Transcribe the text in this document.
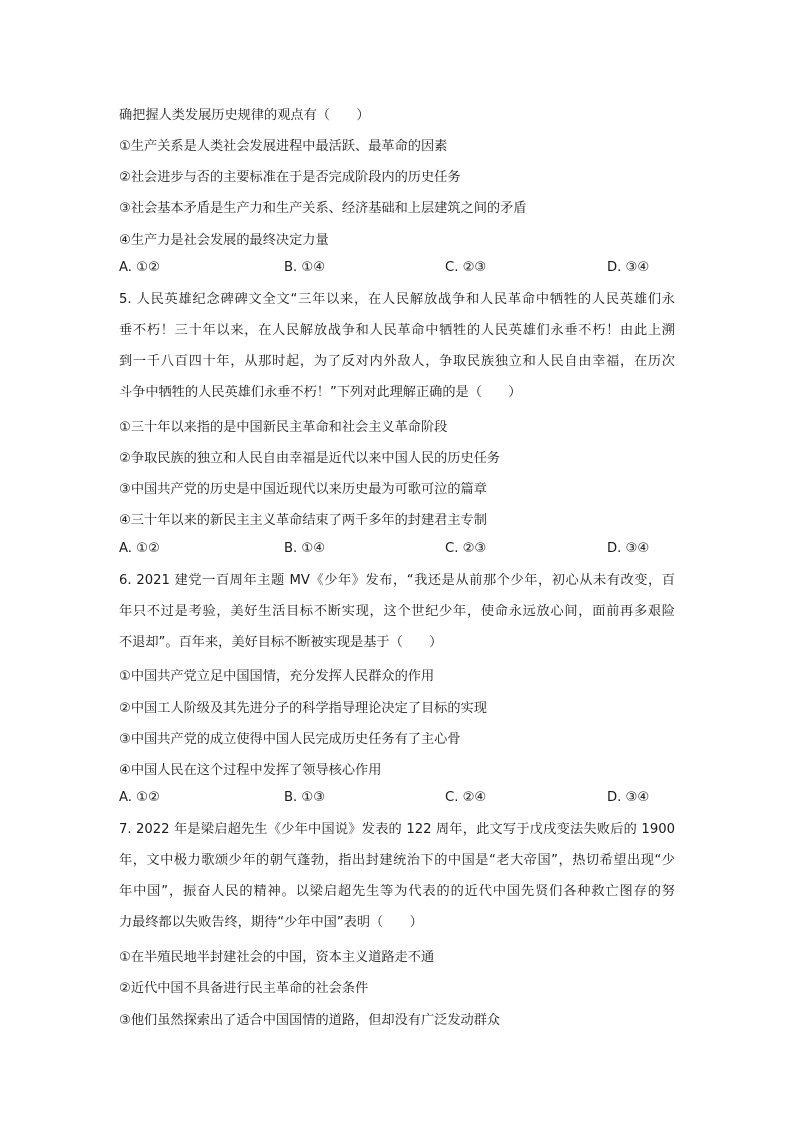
确把握人类发展历史规律的观点有（　　）
①生产关系是人类社会发展进程中最活跃、最革命的因素
②社会进步与否的主要标准在于是否完成阶段内的历史任务
③社会基本矛盾是生产力和生产关系、经济基础和上层建筑之间的矛盾
④生产力是社会发展的最终决定力量
A. ①②	B. ①④	C. ②③	D. ③④
5. 人民英雄纪念碑碑文全文“三年以来，在人民解放战争和人民革命中牺牲的人民英雄们永
垂不朽！三十年以来，在人民解放战争和人民革命中牺牲的人民英雄们永垂不朽！由此上溯
到一千八百四十年，从那时起，为了反对内外敌人，争取民族独立和人民自由幸福，在历次
斗争中牺牲的人民英雄们永垂不朽！”下列对此理解正确的是（　　）
①三十年以来指的是中国新民主革命和社会主义革命阶段
②争取民族的独立和人民自由幸福是近代以来中国人民的历史任务
③中国共产党的历史是中国近现代以来历史最为可歌可泣的篇章
④三十年以来的新民主主义革命结束了两千多年的封建君主专制
A. ①②	B. ①④	C. ②③	D. ③④
6. 2021 建党一百周年主题 MV《少年》发布，“我还是从前那个少年，初心从未有改变，百
年只不过是考验，美好生活目标不断实现，这个世纪少年，使命永远放心间，面前再多艰险
不退却”。百年来，美好目标不断被实现是基于（　　）
①中国共产党立足中国国情，充分发挥人民群众的作用
②中国工人阶级及其先进分子的科学指导理论决定了目标的实现
③中国共产党的成立使得中国人民完成历史任务有了主心骨
④中国人民在这个过程中发挥了领导核心作用
A. ①②	B. ①③	C. ②④	D. ③④
7. 2022 年是梁启超先生《少年中国说》发表的 122 周年，此文写于戊戌变法失败后的 1900
年，文中极力歌颂少年的朝气蓬勃，指出封建统治下的中国是“老大帝国”，热切希望出现“少
年中国”，振奋人民的精神。以梁启超先生等为代表的的近代中国先贤们各种救亡图存的努
力最终都以失败告终，期待“少年中国”表明（　　）
①在半殖民地半封建社会的中国，资本主义道路走不通
②近代中国不具备进行民主革命的社会条件
③他们虽然探索出了适合中国国情的道路，但却没有广泛发动群众
